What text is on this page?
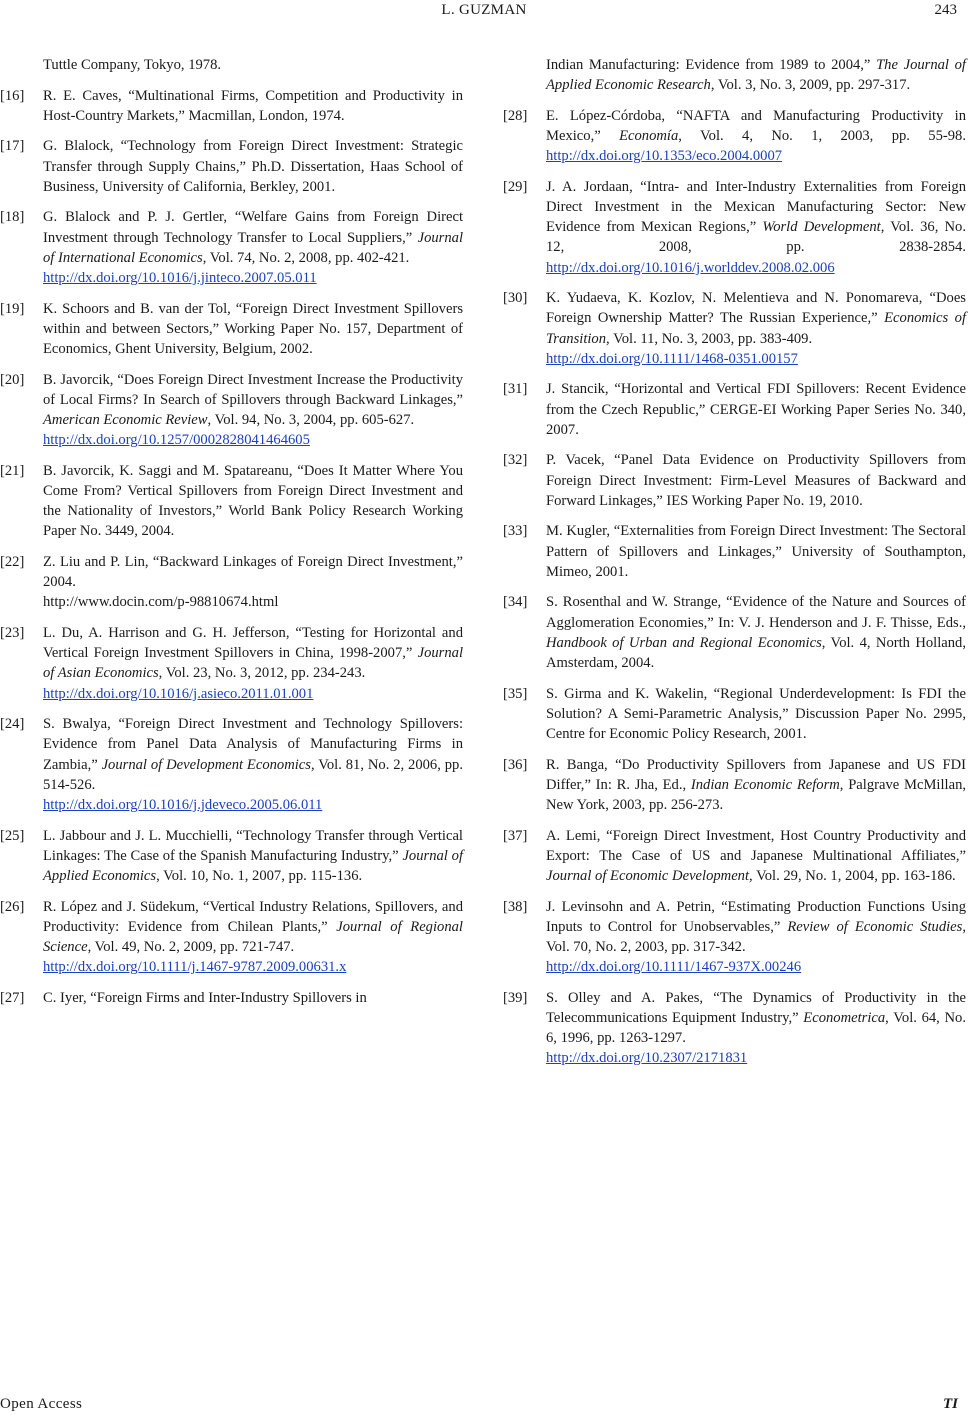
L. GUZMAN	243
Tuttle Company, Tokyo, 1978.
[16] R. E. Caves, “Multinational Firms, Competition and Productivity in Host-Country Markets,” Macmillan, London, 1974.
[17] G. Blalock, “Technology from Foreign Direct Investment: Strategic Transfer through Supply Chains,” Ph.D. Dissertation, Haas School of Business, University of California, Berkley, 2001.
[18] G. Blalock and P. J. Gertler, “Welfare Gains from Foreign Direct Investment through Technology Transfer to Local Suppliers,” Journal of International Economics, Vol. 74, No. 2, 2008, pp. 402-421.
http://dx.doi.org/10.1016/j.jinteco.2007.05.011
[19] K. Schoors and B. van der Tol, “Foreign Direct Investment Spillovers within and between Sectors,” Working Paper No. 157, Department of Economics, Ghent University, Belgium, 2002.
[20] B. Javorcik, “Does Foreign Direct Investment Increase the Productivity of Local Firms? In Search of Spillovers through Backward Linkages,” American Economic Review, Vol. 94, No. 3, 2004, pp. 605-627.
http://dx.doi.org/10.1257/0002828041464605
[21] B. Javorcik, K. Saggi and M. Spatareanu, “Does It Matter Where You Come From? Vertical Spillovers from Foreign Direct Investment and the Nationality of Investors,” World Bank Policy Research Working Paper No. 3449, 2004.
[22] Z. Liu and P. Lin, “Backward Linkages of Foreign Direct Investment,” 2004.
http://www.docin.com/p-98810674.html
[23] L. Du, A. Harrison and G. H. Jefferson, “Testing for Horizontal and Vertical Foreign Investment Spillovers in China, 1998-2007,” Journal of Asian Economics, Vol. 23, No. 3, 2012, pp. 234-243.
http://dx.doi.org/10.1016/j.asieco.2011.01.001
[24] S. Bwalya, “Foreign Direct Investment and Technology Spillovers: Evidence from Panel Data Analysis of Manufacturing Firms in Zambia,” Journal of Development Economics, Vol. 81, No. 2, 2006, pp. 514-526.
http://dx.doi.org/10.1016/j.jdeveco.2005.06.011
[25] L. Jabbour and J. L. Mucchielli, “Technology Transfer through Vertical Linkages: The Case of the Spanish Manufacturing Industry,” Journal of Applied Economics, Vol. 10, No. 1, 2007, pp. 115-136.
[26] R. López and J. Südekum, “Vertical Industry Relations, Spillovers, and Productivity: Evidence from Chilean Plants,” Journal of Regional Science, Vol. 49, No. 2, 2009, pp. 721-747.
http://dx.doi.org/10.1111/j.1467-9787.2009.00631.x
[27] C. Iyer, “Foreign Firms and Inter-Industry Spillovers in
Indian Manufacturing: Evidence from 1989 to 2004,” The Journal of Applied Economic Research, Vol. 3, No. 3, 2009, pp. 297-317.
[28] E. López-Córdoba, “NAFTA and Manufacturing Productivity in Mexico,” Economía, Vol. 4, No. 1, 2003, pp. 55-98. http://dx.doi.org/10.1353/eco.2004.0007
[29] J. A. Jordaan, “Intra- and Inter-Industry Externalities from Foreign Direct Investment in the Mexican Manufacturing Sector: New Evidence from Mexican Regions,” World Development, Vol. 36, No. 12, 2008, pp. 2838-2854. http://dx.doi.org/10.1016/j.worlddev.2008.02.006
[30] K. Yudaeva, K. Kozlov, N. Melentieva and N. Ponomareva, “Does Foreign Ownership Matter? The Russian Experience,” Economics of Transition, Vol. 11, No. 3, 2003, pp. 383-409.
http://dx.doi.org/10.1111/1468-0351.00157
[31] J. Stancik, “Horizontal and Vertical FDI Spillovers: Recent Evidence from the Czech Republic,” CERGE-EI Working Paper Series No. 340, 2007.
[32] P. Vacek, “Panel Data Evidence on Productivity Spillovers from Foreign Direct Investment: Firm-Level Measures of Backward and Forward Linkages,” IES Working Paper No. 19, 2010.
[33] M. Kugler, “Externalities from Foreign Direct Investment: The Sectoral Pattern of Spillovers and Linkages,” University of Southampton, Mimeo, 2001.
[34] S. Rosenthal and W. Strange, “Evidence of the Nature and Sources of Agglomeration Economies,” In: V. J. Henderson and J. F. Thisse, Eds., Handbook of Urban and Regional Economics, Vol. 4, North Holland, Amsterdam, 2004.
[35] S. Girma and K. Wakelin, “Regional Underdevelopment: Is FDI the Solution? A Semi-Parametric Analysis,” Discussion Paper No. 2995, Centre for Economic Policy Research, 2001.
[36] R. Banga, “Do Productivity Spillovers from Japanese and US FDI Differ,” In: R. Jha, Ed., Indian Economic Reform, Palgrave McMillan, New York, 2003, pp. 256-273.
[37] A. Lemi, “Foreign Direct Investment, Host Country Productivity and Export: The Case of US and Japanese Multinational Affiliates,” Journal of Economic Development, Vol. 29, No. 1, 2004, pp. 163-186.
[38] J. Levinsohn and A. Petrin, “Estimating Production Functions Using Inputs to Control for Unobservables,” Review of Economic Studies, Vol. 70, No. 2, 2003, pp. 317-342.
http://dx.doi.org/10.1111/1467-937X.00246
[39] S. Olley and A. Pakes, “The Dynamics of Productivity in the Telecommunications Equipment Industry,” Econometrica, Vol. 64, No. 6, 1996, pp. 1263-1297.
http://dx.doi.org/10.2307/2171831
Open Access	TI
